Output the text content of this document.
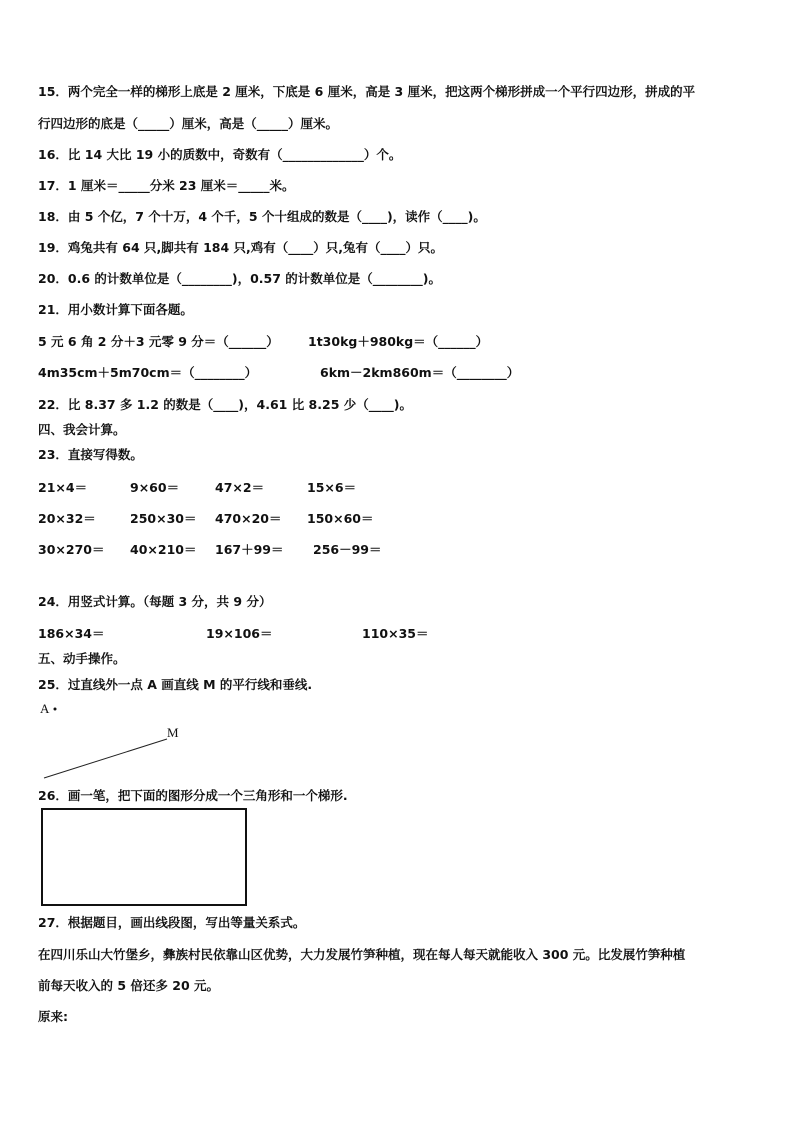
15．两个完全一样的梯形上底是 2 厘米，下底是 6 厘米，高是 3 厘米，把这两个梯形拼成一个平行四边形，拼成的平
行四边形的底是（_____）厘米，高是（_____）厘米。
16．比 14 大比 19 小的质数中，奇数有（_____________）个。
17．1 厘米＝_____分米 23 厘米＝_____米。
18．由 5 个亿，7 个十万，4 个千，5 个十组成的数是（____)，读作（____)。
19．鸡兔共有 64 只,脚共有 184 只,鸡有（____）只,兔有（____）只。
20．0.6 的计数单位是（________)，0.57 的计数单位是（________)。
21．用小数计算下面各题。
5 元 6 角 2 分＋3 元零 9 分＝（______） 1t30kg＋980kg＝（______）
4m35cm＋5m70cm＝（________）	6km－2km860m＝（________）
22．比 8.37 多 1.2 的数是（____)，4.61 比 8.25 少（____)。
四、我会计算。
23．直接写得数。
21×4＝	9×60＝	47×2＝	15×6＝
20×32＝	250×30＝ 470×20＝ 150×60＝
30×270＝ 40×210＝ 167＋99＝ 256－99＝
24．用竖式计算。（每题 3 分，共 9 分）
186×34＝	19×106＝	110×35＝
五、动手操作。
25．过直线外一点 A 画直线 M 的平行线和垂线.
A
M
26．画一笔，把下面的图形分成一个三角形和一个梯形.
27．根据题目，画出线段图，写出等量关系式。
在四川乐山大竹堡乡，彝族村民依靠山区优势，大力发展竹笋种植，现在每人每天就能收入 300 元。比发展竹笋种植
前每天收入的 5 倍还多 20 元。
原来:
